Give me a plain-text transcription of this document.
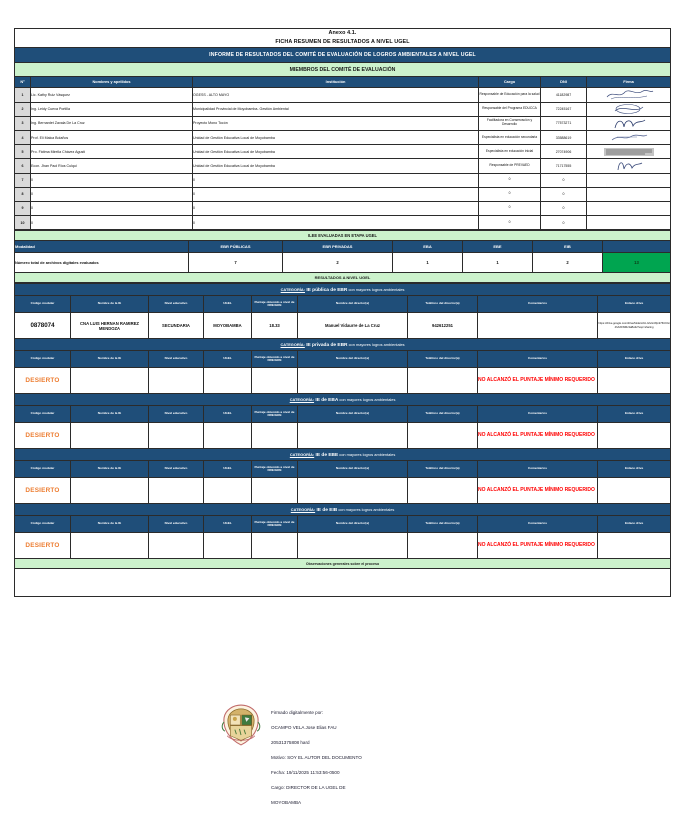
Anexo 4.1.
FICHA RESUMEN DE RESULTADOS A NIVEL UGEL					

INFORME DE RESULTADOS DEL COMITÉ DE EVALUACIÓN DE LOGROS AMBIENTALES A NIVEL UGEL					
MIEMBROS DEL COMITÉ DE EVALUACIÓN					
N°	Nombres y apellidos	Institución	Cargo	DNI	Firma
1	Lic. Kathy Ruiz Vásquez	OGESS - ALTO MAYO	Responsable de Educación para la salud	41182987	

2	Ing. Leidy Cueva Portilla	Municipalidad Provincial de Moyobamba- Gestión Ambiental	Responsable del Programa EDUCCA	72245167	

3	Ing. Bernardet Zavala De La Cruz	Proyecto Mono Tocón	Facilitadora en Conservación y Desarrollo	77573271	

4	Prof. Eli Malca Bolaños	Unidad de Gestión Educativa Local de Moyobamba	Especialista en educación secundaria	33588619	

5	Pro. Fátima Mirella Chávez Agusti	Unidad de Gestión Educativa Local de Moyobamba	Especialista en educación inicial	27074906	

6	Econ. Jhan Paol Ríos Culqui	Unidad de Gestión Educativa Local de Moyobamba	Responsable de PREVAED	71717555	

7	0	0	0	0	
8	0	0	0	0	
9	0	0	0	0	
10	0	0	0	0	
ILEE EVALUADAS EN ETAPA UGEL						
Modalidad	EBR PÚBLICAS	EBR PRIVADAS	EBA	EBE	EIB	
Número total de archivos digitales evaluados	7	2	1	1	2	13
RESULTADOS A NIVEL UGEL						
CATEGORÍA: IE pública de EBR con mayores logros ambientales								
Código modular	Nombre de la IE	Nivel educativo	UGEL	Puntaje obtenido a nivel de DRE/GRE	Nombre del director(a)	Teléfono del director(a)	Comentarios	Enlace drive
0878074	CNA LUIS HERNAN RAMIREZ MENDOZA	SECUNDARIA	MOYOBAMBA	18.33	Manuel Vidaurre de La Cruz	942612251		https://drive.google.com/drive/folders/1b-GIvGrWp4i76CKGi4hAXFl9Mv3aBulH?usp=sharing
CATEGORÍA: IE privada de EBR con mayores logros ambientales								
Código modular	Nombre de la IE	Nivel educativo	UGEL	Puntaje obtenido a nivel de DRE/GRE	Nombre del director(a)	Teléfono del director(a)	Comentarios	Enlace drive
DESIERTO							NO ALCANZÓ EL PUNTAJE MÍNIMO REQUERIDO	
CATEGORÍA: IE de EBA con mayores logros ambientales								
Código modular	Nombre de la IE	Nivel educativo	UGEL	Puntaje obtenido a nivel de DRE/GRE	Nombre del director(a)	Teléfono del director(a)	Comentarios	Enlace drive
DESIERTO							NO ALCANZÓ EL PUNTAJE MÍNIMO REQUERIDO	
CATEGORÍA: IE de EBE con mayores logros ambientales								
Código modular	Nombre de la IE	Nivel educativo	UGEL	Puntaje obtenido a nivel de DRE/GRE	Nombre del director(a)	Teléfono del director(a)	Comentarios	Enlace drive
DESIERTO							NO ALCANZÓ EL PUNTAJE MÍNIMO REQUERIDO	
CATEGORÍA: IE de EIB con mayores logros ambientales								
Código modular	Nombre de la IE	Nivel educativo	UGEL	Puntaje obtenido a nivel de DRE/GRE	Nombre del director(a)	Teléfono del director(a)	Comentarios	Enlace drive
DESIERTO							NO ALCANZÓ EL PUNTAJE MÍNIMO REQUERIDO	
Observaciones generales sobre el proceso								

Firmado digitalmente por:

OCAMPO VELA Jose Elias FAU

20531375808 hard

Motivo: SOY EL AUTOR DEL DOCUMENTO

Fecha: 19/11/2025 11:53:56-0500

Cargo: DIRECTOR DE LA UGEL DE

MOYOBAMBA
